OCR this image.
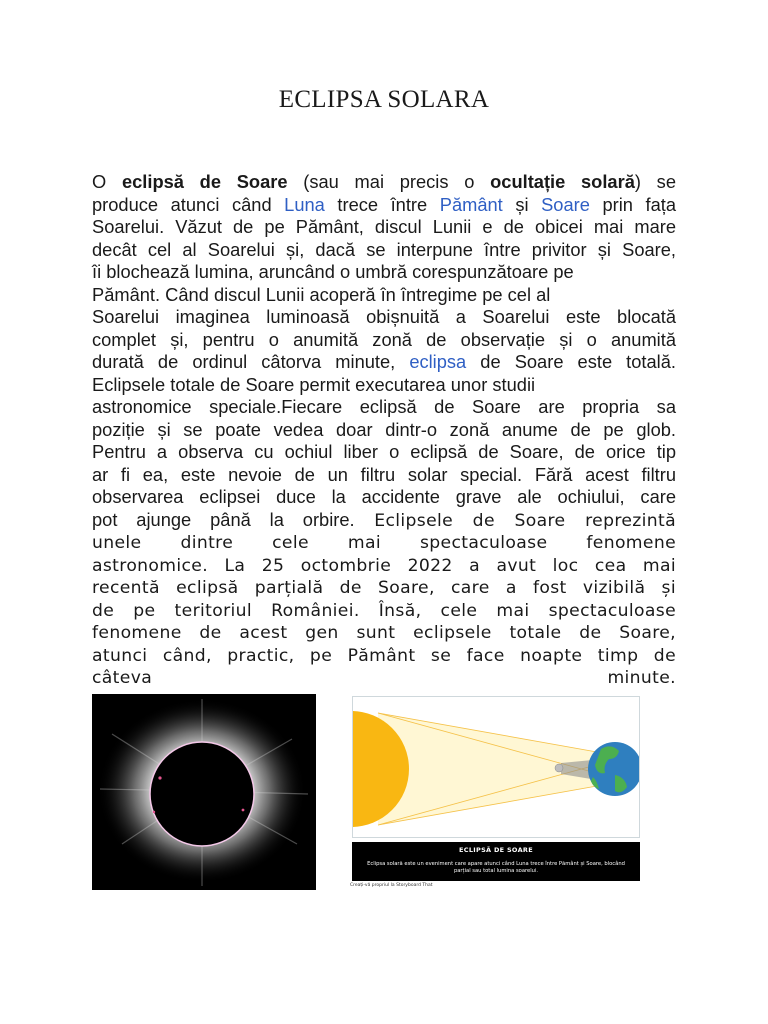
ECLIPSA SOLARA
O eclipsă de Soare (sau mai precis o ocultație solară) se
produce atunci când Luna trece între Pământ și Soare prin fața
Soarelui. Văzut de pe Pământ, discul Lunii e de obicei mai mare
decât cel al Soarelui și, dacă se interpune între privitor și Soare,
îi blochează lumina, aruncând o umbră corespunzătoare pe
Pământ. Când discul Lunii acoperă în întregime pe cel al
Soarelui imaginea luminoasă obișnuită a Soarelui este blocată
complet și, pentru o anumită zonă de observație și o anumită
durată de ordinul câtorva minute, eclipsa de Soare este totală.
Eclipsele totale de Soare permit executarea unor studii
astronomice speciale.Fiecare eclipsă de Soare are propria sa
poziție și se poate vedea doar dintr-o zonă anume de pe glob.
Pentru a observa cu ochiul liber o eclipsă de Soare, de orice tip
ar fi ea, este nevoie de un filtru solar special. Fără acest filtru
observarea eclipsei duce la accidente grave ale ochiului, care
pot ajunge până la orbire. Eclipsele de Soare reprezintă
unele dintre cele mai spectaculoase fenomene
astronomice. La 25 octombrie 2022 a avut loc cea mai
recentă eclipsă parțială de Soare, care a fost vizibilă și
de pe teritoriul României. Însă, cele mai spectaculoase
fenomene de acest gen sunt eclipsele totale de Soare,
atunci când, practic, pe Pământ se face noapte timp de
câteva minute.
ECLIPSĂ DE SOARE
Eclipsa solară este un eveniment care apare atunci când Luna trece între Pământ și Soare, blocând parțial sau total lumina soarelui.
Creați-vă propriul la Storyboard That
